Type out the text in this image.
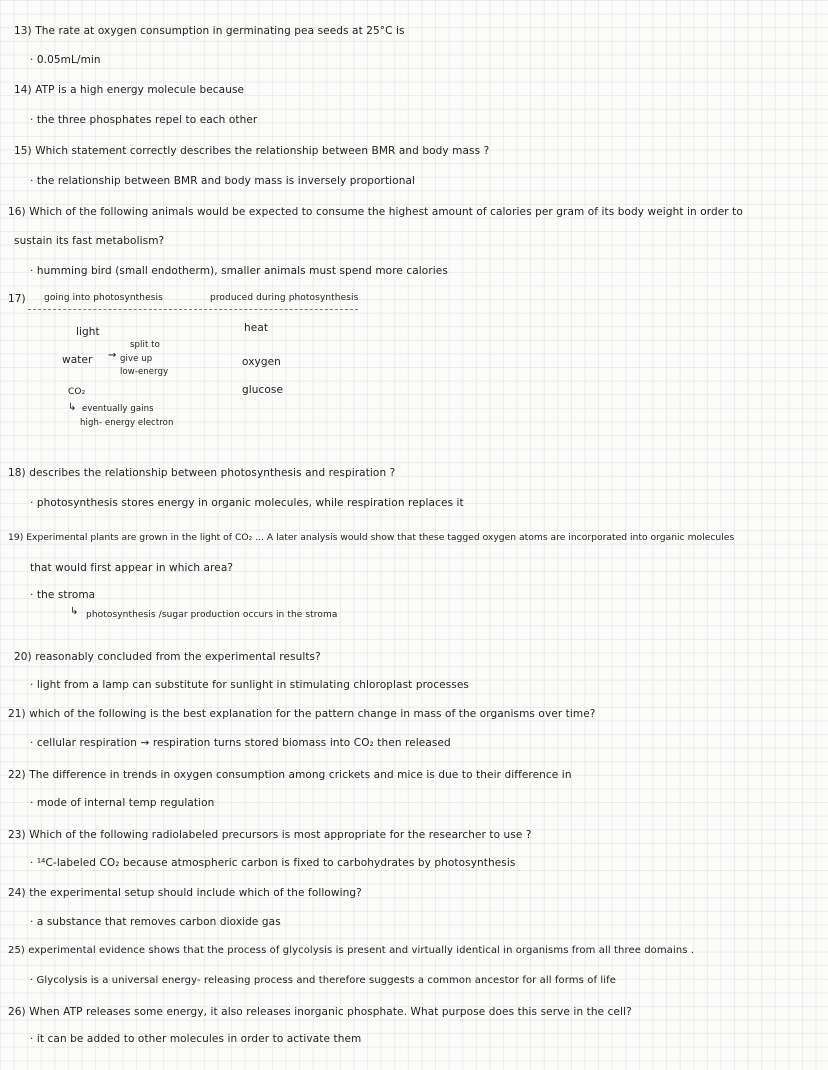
13) The rate at oxygen consumption in germinating pea seeds at 25°C is
· 0.05mL/min
14) ATP is a high energy molecule because
· the three phosphates repel to each other
15) Which statement correctly describes the relationship between BMR and body mass ?
· the relationship between BMR and body mass is inversely proportional
16) Which of the following animals would be expected to consume the highest amount of calories per gram of its body weight in order to
sustain its fast metabolism?
· humming bird (small endotherm), smaller animals must spend more calories
17) going into photosynthesis	produced during photosynthesis
light
water ⇝
split to
give up
low-energy
CO₂
↳ eventually gains
high- energy electron
heat
oxygen
glucose
18) describes the relationship between photosynthesis and respiration ?
· photosynthesis stores energy in organic molecules, while respiration replaces it
19) Experimental plants are grown in the light of CO₂ ... A later analysis would show that these tagged oxygen atoms are incorporated into organic molecules
that would first appear in which area?
· the stroma
↳ photosynthesis /sugar production occurs in the stroma
20) reasonably concluded from the experimental results?
· light from a lamp can substitute for sunlight in stimulating chloroplast processes
21) which of the following is the best explanation for the pattern change in mass of the organisms over time?
· cellular respiration ⇝ respiration turns stored biomass into CO₂ then released
22) The difference in trends in oxygen consumption among crickets and mice is due to their difference in
· mode of internal temp regulation
23) Which of the following radiolabeled precursors is most appropriate for the researcher to use ?
· ¹⁴C-labeled CO₂ because atmospheric carbon is fixed to carbohydrates by photosynthesis
24) the experimental setup should include which of the following?
· a substance that removes carbon dioxide gas
25) experimental evidence shows that the process of glycolysis is present and virtually identical in organisms from all three domains .
· Glycolysis is a universal energy- releasing process and therefore suggests a common ancestor for all forms of life
26) When ATP releases some energy, it also releases inorganic phosphate. What purpose does this serve in the cell?
· it can be added to other molecules in order to activate them
